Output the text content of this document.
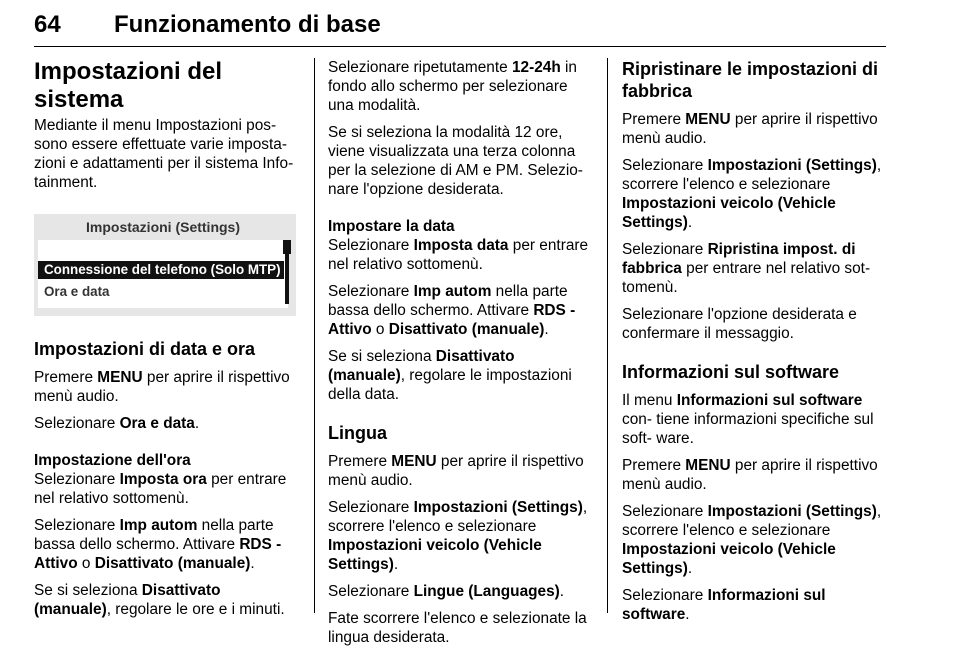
64 Funzionamento di base
Impostazioni del sistema

Mediante il menu Impostazioni pos- sono essere effettuate varie imposta- zioni e adattamenti per il sistema Info- tainment.

Impostazioni (Settings)
Connessione del telefono (Solo MTP)
Ora e data
Impostazioni di data e ora

Premere MENU per aprire il rispettivo menù audio.

Selezionare Ora e data.

Impostazione dell'ora

Selezionare Imposta ora per entrare nel relativo sottomenù.

Selezionare Imp autom nella parte bassa dello schermo. Attivare RDS - Attivo o Disattivato (manuale).

Se si seleziona Disattivato (manuale), regolare le ore e i minuti.

Selezionare ripetutamente 12-24h in fondo allo schermo per selezionare una modalità.

Se si seleziona la modalità 12 ore, viene visualizzata una terza colonna per la selezione di AM e PM. Selezio- nare l'opzione desiderata.

Impostare la data

Selezionare Imposta data per entrare nel relativo sottomenù.

Selezionare Imp autom nella parte bassa dello schermo. Attivare RDS - Attivo o Disattivato (manuale).

Se si seleziona Disattivato (manuale), regolare le impostazioni della data.

Lingua

Premere MENU per aprire il rispettivo menù audio.

Selezionare Impostazioni (Settings), scorrere l'elenco e selezionare Impostazioni veicolo (Vehicle Settings).

Selezionare Lingue (Languages).

Fate scorrere l'elenco e selezionate la lingua desiderata.

Ripristinare le impostazioni di fabbrica

Premere MENU per aprire il rispettivo menù audio.

Selezionare Impostazioni (Settings), scorrere l'elenco e selezionare Impostazioni veicolo (Vehicle Settings).

Selezionare Ripristina impost. di fabbrica per entrare nel relativo sot- tomenù.

Selezionare l'opzione desiderata e confermare il messaggio.

Informazioni sul software

Il menu Informazioni sul software con- tiene informazioni specifiche sul soft- ware.

Premere MENU per aprire il rispettivo menù audio.

Selezionare Impostazioni (Settings), scorrere l'elenco e selezionare Impostazioni veicolo (Vehicle Settings).

Selezionare Informazioni sul software.
